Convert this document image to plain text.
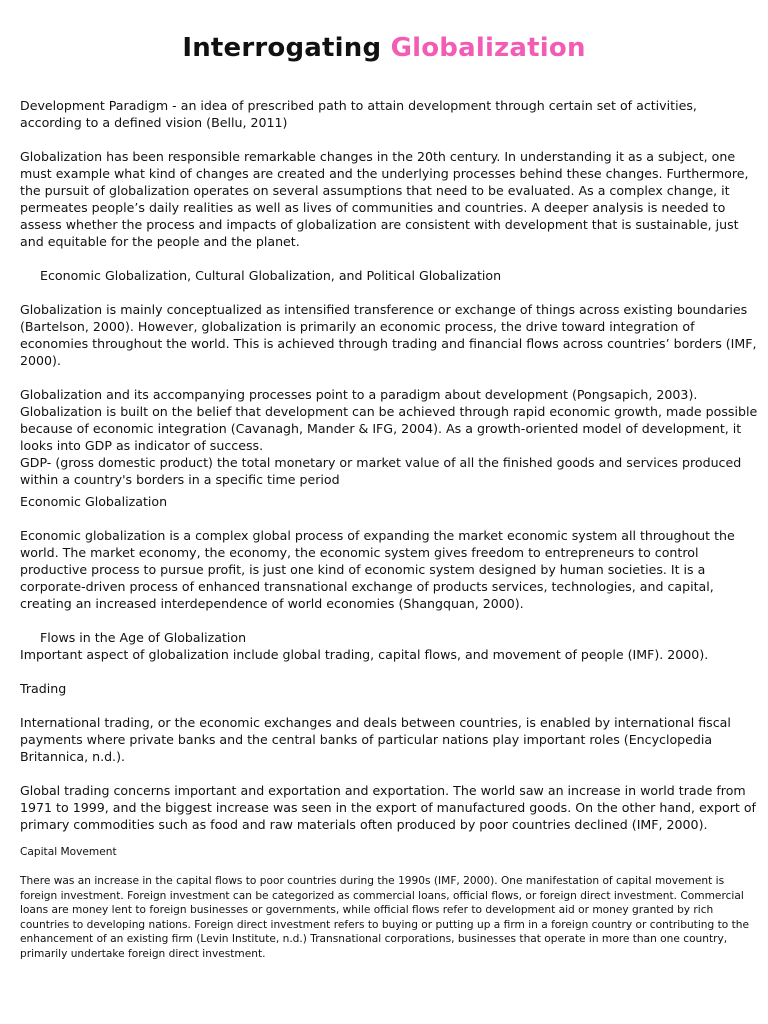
Interrogating Globalization

Development Paradigm - an idea of prescribed path to attain development through certain set of activities, according to a defined vision (Bellu, 2011)

Globalization has been responsible remarkable changes in the 20th century. In understanding it as a subject, one must example what kind of changes are created and the underlying processes behind these changes. Furthermore, the pursuit of globalization operates on several assumptions that need to be evaluated. As a complex change, it permeates people’s daily realities as well as lives of communities and countries. A deeper analysis is needed to assess whether the process and impacts of globalization are consistent with development that is sustainable, just and equitable for the people and the planet.

Economic Globalization, Cultural Globalization, and Political Globalization

Globalization is mainly conceptualized as intensified transference or exchange of things across existing boundaries (Bartelson, 2000). However, globalization is primarily an economic process, the drive toward integration of economies throughout the world. This is achieved through trading and financial flows across countries’ borders (IMF, 2000).

Globalization and its accompanying processes point to a paradigm about development (Pongsapich, 2003). Globalization is built on the belief that development can be achieved through rapid economic growth, made possible because of economic integration (Cavanagh, Mander & IFG, 2004). As a growth-oriented model of development, it looks into GDP as indicator of success.

GDP- (gross domestic product) the total monetary or market value of all the finished goods and services produced within a country's borders in a specific time period

Economic Globalization

Economic globalization is a complex global process of expanding the market economic system all throughout the world. The market economy, the economy, the economic system gives freedom to entrepreneurs to control productive process to pursue profit, is just one kind of economic system designed by human societies. It is a corporate-driven process of enhanced transnational exchange of products services, technologies, and capital, creating an increased interdependence of world economies (Shangquan, 2000).

Flows in the Age of Globalization

Important aspect of globalization include global trading, capital flows, and movement of people (IMF). 2000).

Trading

International trading, or the economic exchanges and deals between countries, is enabled by international fiscal payments where private banks and the central banks of particular nations play important roles (Encyclopedia Britannica, n.d.).

Global trading concerns important and exportation and exportation. The world saw an increase in world trade from 1971 to 1999, and the biggest increase was seen in the export of manufactured goods. On the other hand, export of primary commodities such as food and raw materials often produced by poor countries declined (IMF, 2000).

Capital Movement
There was an increase in the capital flows to poor countries during the 1990s (IMF, 2000). One manifestation of capital movement is foreign investment. Foreign investment can be categorized as commercial loans, official flows, or foreign direct investment. Commercial loans are money lent to foreign businesses or governments, while official flows refer to development aid or money granted by rich countries to developing nations. Foreign direct investment refers to buying or putting up a firm in a foreign country or contributing to the enhancement of an existing firm (Levin Institute, n.d.) Transnational corporations, businesses that operate in more than one country, primarily undertake foreign direct investment.
